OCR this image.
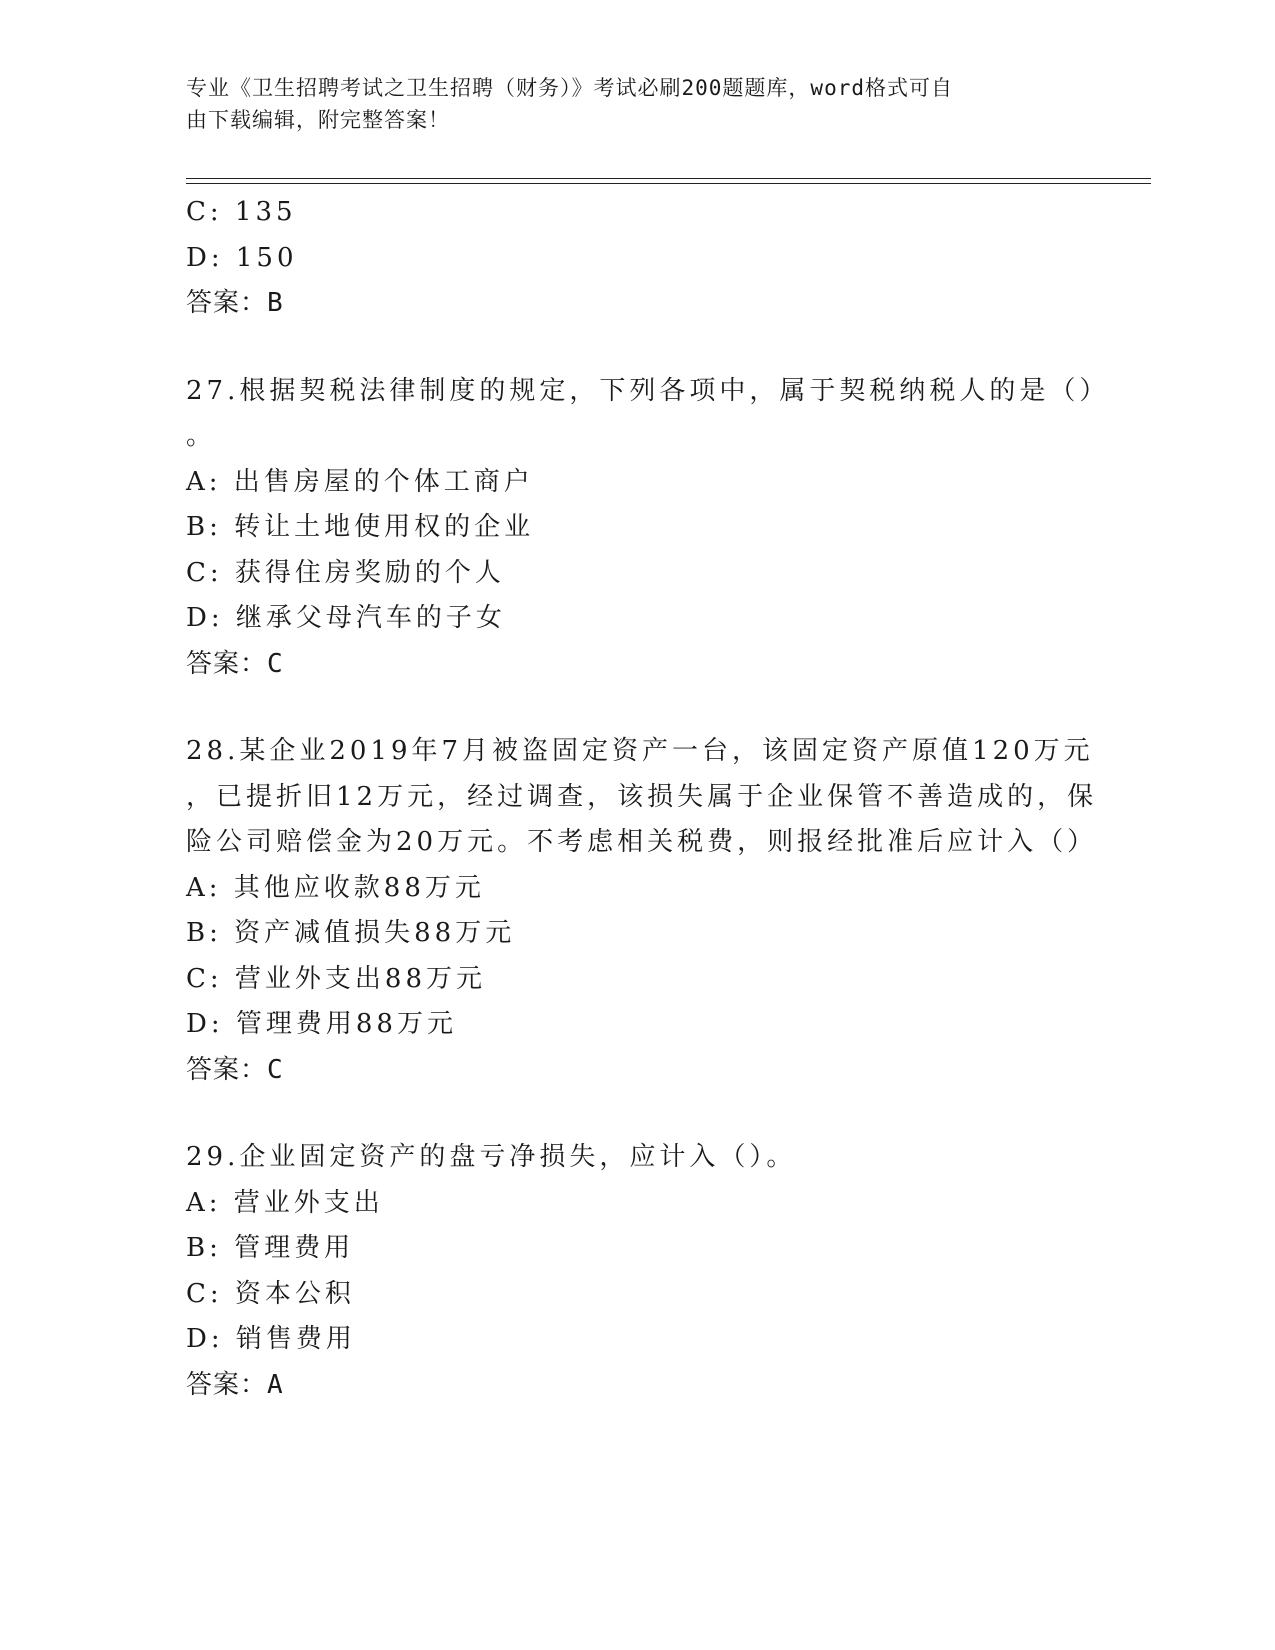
专业《卫生招聘考试之卫生招聘（财务）》考试必刷200题题库，word格式可自
由下载编辑，附完整答案！
C: 135
D: 150
答案：B
27.根据契税法律制度的规定，下列各项中，属于契税纳税人的是（）
。
A: 出售房屋的个体工商户
B: 转让土地使用权的企业
C: 获得住房奖励的个人
D: 继承父母汽车的子女
答案：C
28.某企业2019年7月被盗固定资产一台，该固定资产原值120万元
，已提折旧12万元，经过调查，该损失属于企业保管不善造成的，保
险公司赔偿金为20万元。不考虑相关税费，则报经批准后应计入（）
A: 其他应收款88万元
B: 资产减值损失88万元
C: 营业外支出88万元
D: 管理费用88万元
答案：C
29.企业固定资产的盘亏净损失，应计入（）。
A: 营业外支出
B: 管理费用
C: 资本公积
D: 销售费用
答案：A
